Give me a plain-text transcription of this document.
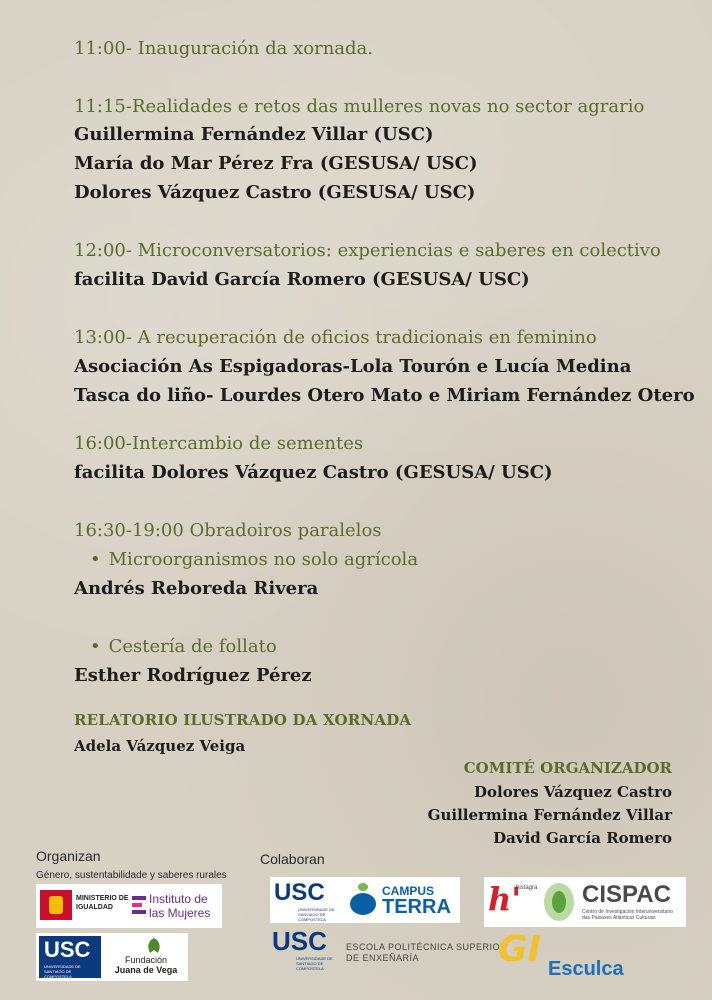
11:00- Inauguración da xornada.
11:15-Realidades e retos das mulleres novas no sector agrario
Guillermina Fernández Villar (USC)
María do Mar Pérez Fra (GESUSA/ USC)
Dolores Vázquez Castro (GESUSA/ USC)
12:00- Microconversatorios: experiencias e saberes en colectivo
facilita David García Romero (GESUSA/ USC)
13:00- A recuperación de oficios tradicionais en feminino
Asociación As Espigadoras-Lola Tourón e Lucía Medina
Tasca do liño- Lourdes Otero Mato e Miriam Fernández Otero
16:00-Intercambio de sementes
facilita Dolores Vázquez Castro (GESUSA/ USC)
16:30-19:00 Obradoiros paralelos
• Microorganismos no solo agrícola
Andrés Reboreda Rivera
• Cestería de follato
Esther Rodríguez Pérez
RELATORIO ILUSTRADO DA XORNADA
Adela Vázquez Veiga
COMITÉ ORGANIZADOR
Dolores Vázquez Castro
Guillermina Fernández Villar
David García Romero
Organizan
Género, sustentabilidade y saberes rurales
MINISTERIO DE IGUALDAD
Instituto de
las Mujeres
USC
UNIVERSIDADE DE SANTIAGO DE COMPOSTELA
Fundación
Juana de Vega
Colaboran
USC
UNIVERSIDADE DE SANTIAGO DE COMPOSTELA
CAMPUS
TERRA
USC
UNIVERSIDADE DE SANTIAGO DE COMPOSTELA
ESCOLA POLITÉCNICA SUPERIOR
DE ENXEÑARÍA
h'
histagra CISPAC
Centro de Investigación Interuniversitario das Paisaxes Atlánticas Culturais
GI Esculca
